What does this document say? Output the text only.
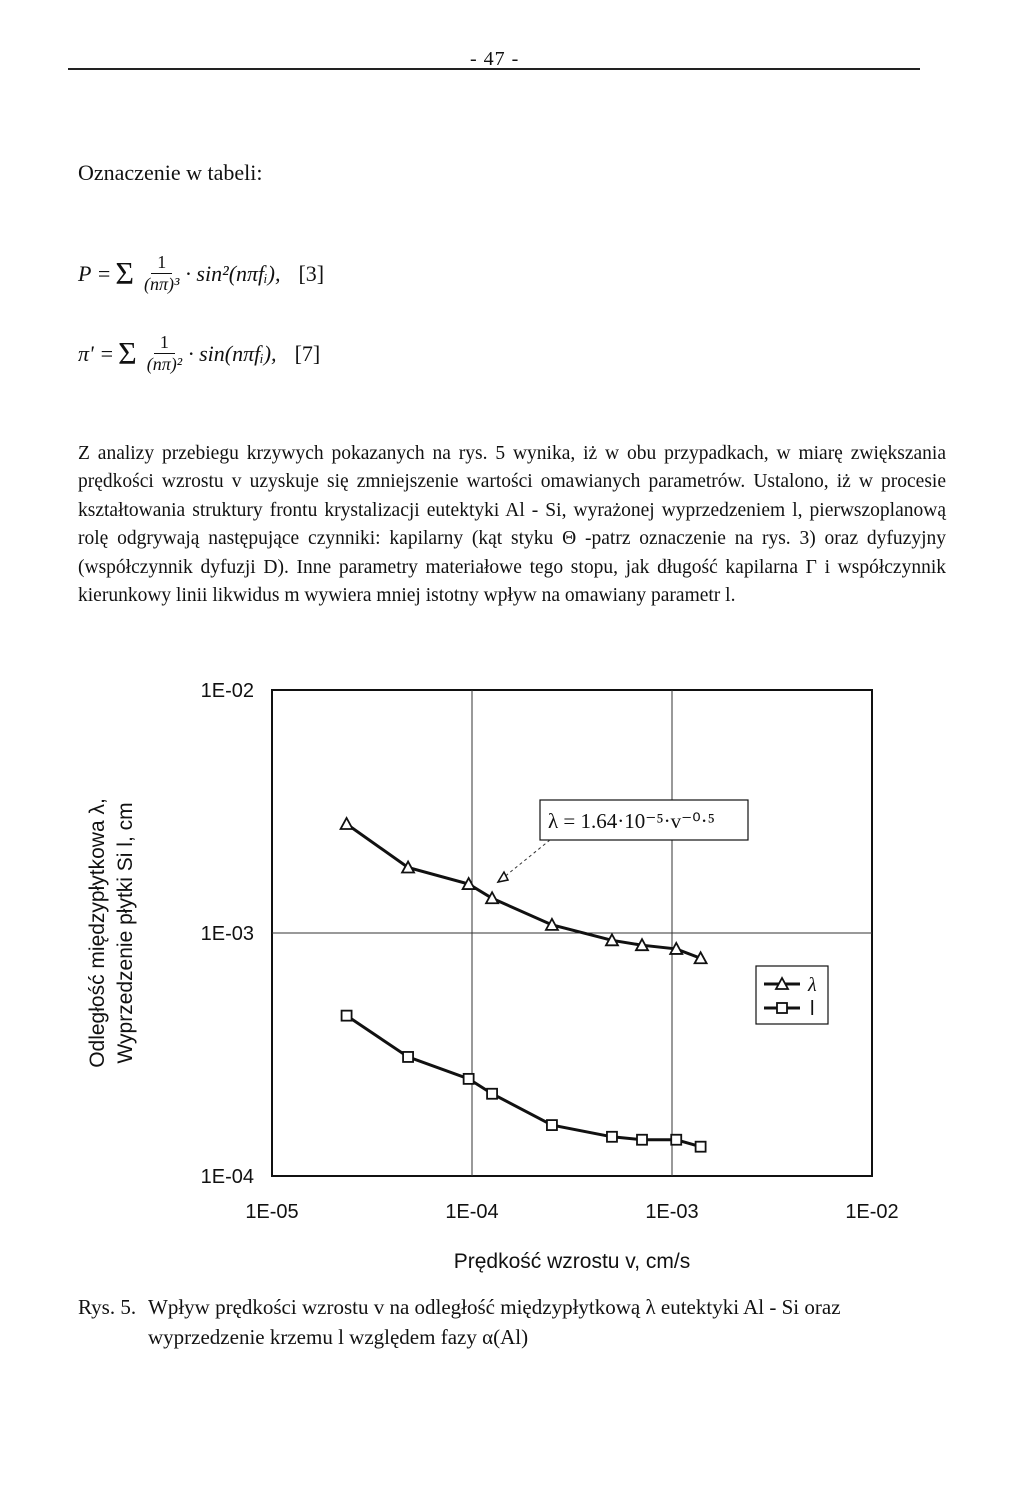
- 47 -
Oznaczenie w tabeli:
P = Σ $\frac{1}{\text{(nπ)³}}$ · sin²(nπfᵢ), [3]
π' = Σ $\frac{1}{\text{(nπ)²}}$ · sin(nπfᵢ), [7]

Z analizy przebiegu krzywych pokazanych na rys. 5 wynika, iż w obu przypadkach, w miarę zwiększania prędkości wzrostu v uzyskuje się zmniejszenie wartości omawianych parametrów. Ustalono, iż w procesie kształtowania struktury frontu krystalizacji eutektyki Al - Si, wyrażonej wyprzedzeniem l, pierwszoplanową rolę odgrywają następujące czynniki: kapilarny (kąt styku Θ -patrz oznaczenie na rys. 3) oraz dyfuzyjny (współczynnik dyfuzji D). Inne parametry materiałowe tego stopu, jak długość kapilarna Γ i współczynnik kierunkowy linii likwidus m wywiera mniej istotny wpływ na omawiany parametr l.

1E-05	1E-04	1E-03	1E-02
1E-02
1E-03
1E-04
Prędkość wzrostu v, cm/s
Odległość międzypłytkowa λ, Wyprzedzenie płytki Si l, cm	λ = 1.64·10⁻⁵·v⁻⁰·⁵
λ
l
Rys. 5. Wpływ prędkości wzrostu v na odległość międzypłytkową λ eutektyki Al - Si oraz
wyprzedzenie krzemu l względem fazy α(Al)
